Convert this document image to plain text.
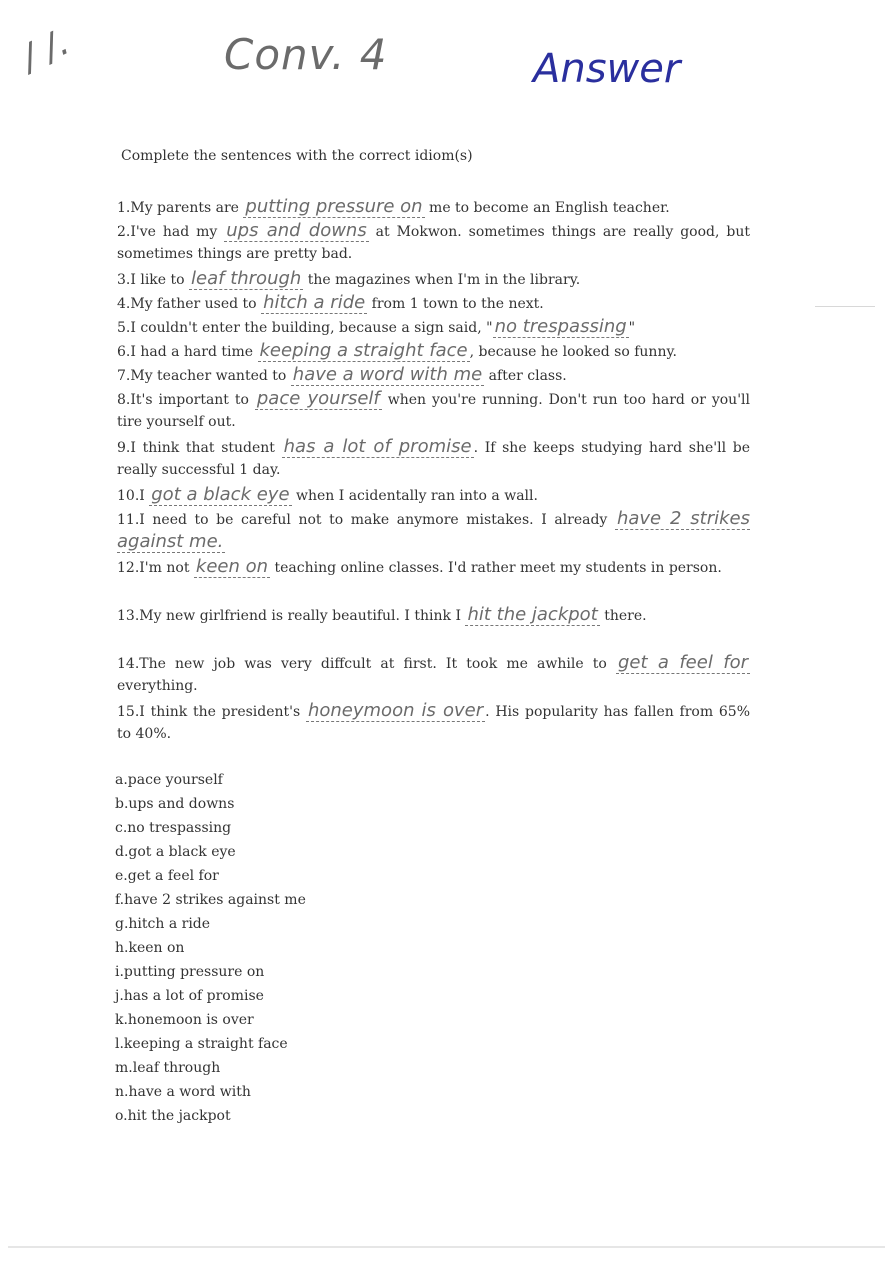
/ /.	Conv. 4	Answer
Complete the sentences with the correct idiom(s)
1.My parents are putting pressure on me to become an English teacher.
2.I've had my ups and downs at Mokwon. sometimes things are really good, but sometimes things are pretty bad.
3.I like to leaf through the magazines when I'm in the library.
4.My father used to hitch a ride from 1 town to the next.
5.I couldn't enter the building, because a sign said, " no trespassing "
6.I had a hard time keeping a straight face , because he looked so funny.
7.My teacher wanted to have a word with me after class.
8.It's important to pace yourself when you're running. Don't run too hard or you'll tire yourself out.
9.I think that student has a lot of promise . If she keeps studying hard she'll be really successful 1 day.
10.I got a black eye when I acidentally ran into a wall.
11.I need to be careful not to make anymore mistakes. I already have 2 strikes against me.
12.I'm not keen on teaching online classes. I'd rather meet my students in person.
13.My new girlfriend is really beautiful. I think I hit the jackpot there.
14.The new job was very diffcult at first. It took me awhile to get a feel for everything.
15.I think the president's honeymoon is over . His popularity has fallen from 65% to 40%.
a.pace yourself
b.ups and downs
c.no trespassing
d.got a black eye
e.get a feel for
f.have 2 strikes against me
g.hitch a ride
h.keen on
i.putting pressure on
j.has a lot of promise
k.honemoon is over
l.keeping a straight face
m.leaf through
n.have a word with
o.hit the jackpot
